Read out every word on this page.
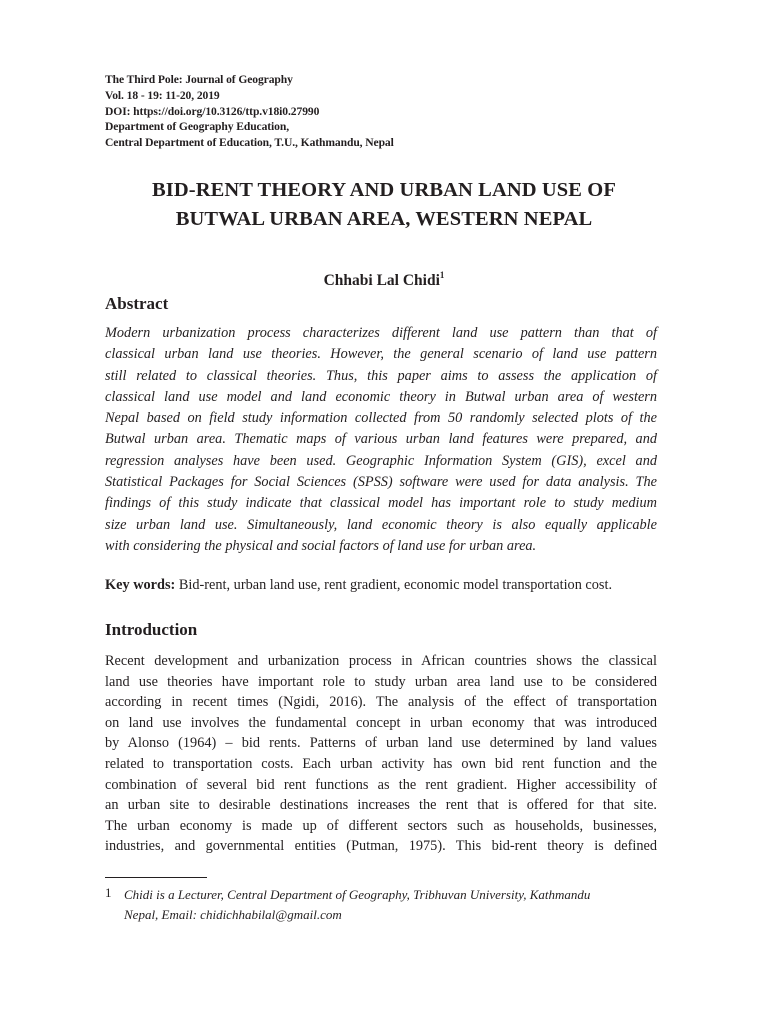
The Third Pole: Journal of Geography
Vol. 18 - 19: 11-20, 2019
DOI: https://doi.org/10.3126/ttp.v18i0.27990
Department of Geography Education,
Central Department of Education, T.U., Kathmandu, Nepal
BID-RENT THEORY AND URBAN LAND USE OF
BUTWAL URBAN AREA, WESTERN NEPAL
Chhabi Lal Chidi$^1$
Abstract
Modern urbanization process characterizes different land use pattern than that of
classical urban land use theories. However, the general scenario of land use pattern
still related to classical theories. Thus, this paper aims to assess the application of
classical land use model and land economic theory in Butwal urban area of western
Nepal based on field study information collected from 50 randomly selected plots of the
Butwal urban area. Thematic maps of various urban land features were prepared, and
regression analyses have been used. Geographic Information System (GIS), excel and
Statistical Packages for Social Sciences (SPSS) software were used for data analysis. The
findings of this study indicate that classical model has important role to study medium
size urban land use. Simultaneously, land economic theory is also equally applicable
with considering the physical and social factors of land use for urban area.
Key words: Bid-rent, urban land use, rent gradient, economic model transportation cost.
Introduction
Recent development and urbanization process in African countries shows the classical
land use theories have important role to study urban area land use to be considered
according in recent times (Ngidi, 2016). The analysis of the effect of transportation
on land use involves the fundamental concept in urban economy that was introduced
by Alonso (1964) – bid rents. Patterns of urban land use determined by land values
related to transportation costs. Each urban activity has own bid rent function and the
combination of several bid rent functions as the rent gradient. Higher accessibility of
an urban site to desirable destinations increases the rent that is offered for that site.
The urban economy is made up of different sectors such as households, businesses,
industries, and governmental entities (Putman, 1975). This bid-rent theory is defined
1 Chidi is a Lecturer, Central Department of Geography, Tribhuvan University, Kathmandu
Nepal, Email: chidichhabilal@gmail.com
